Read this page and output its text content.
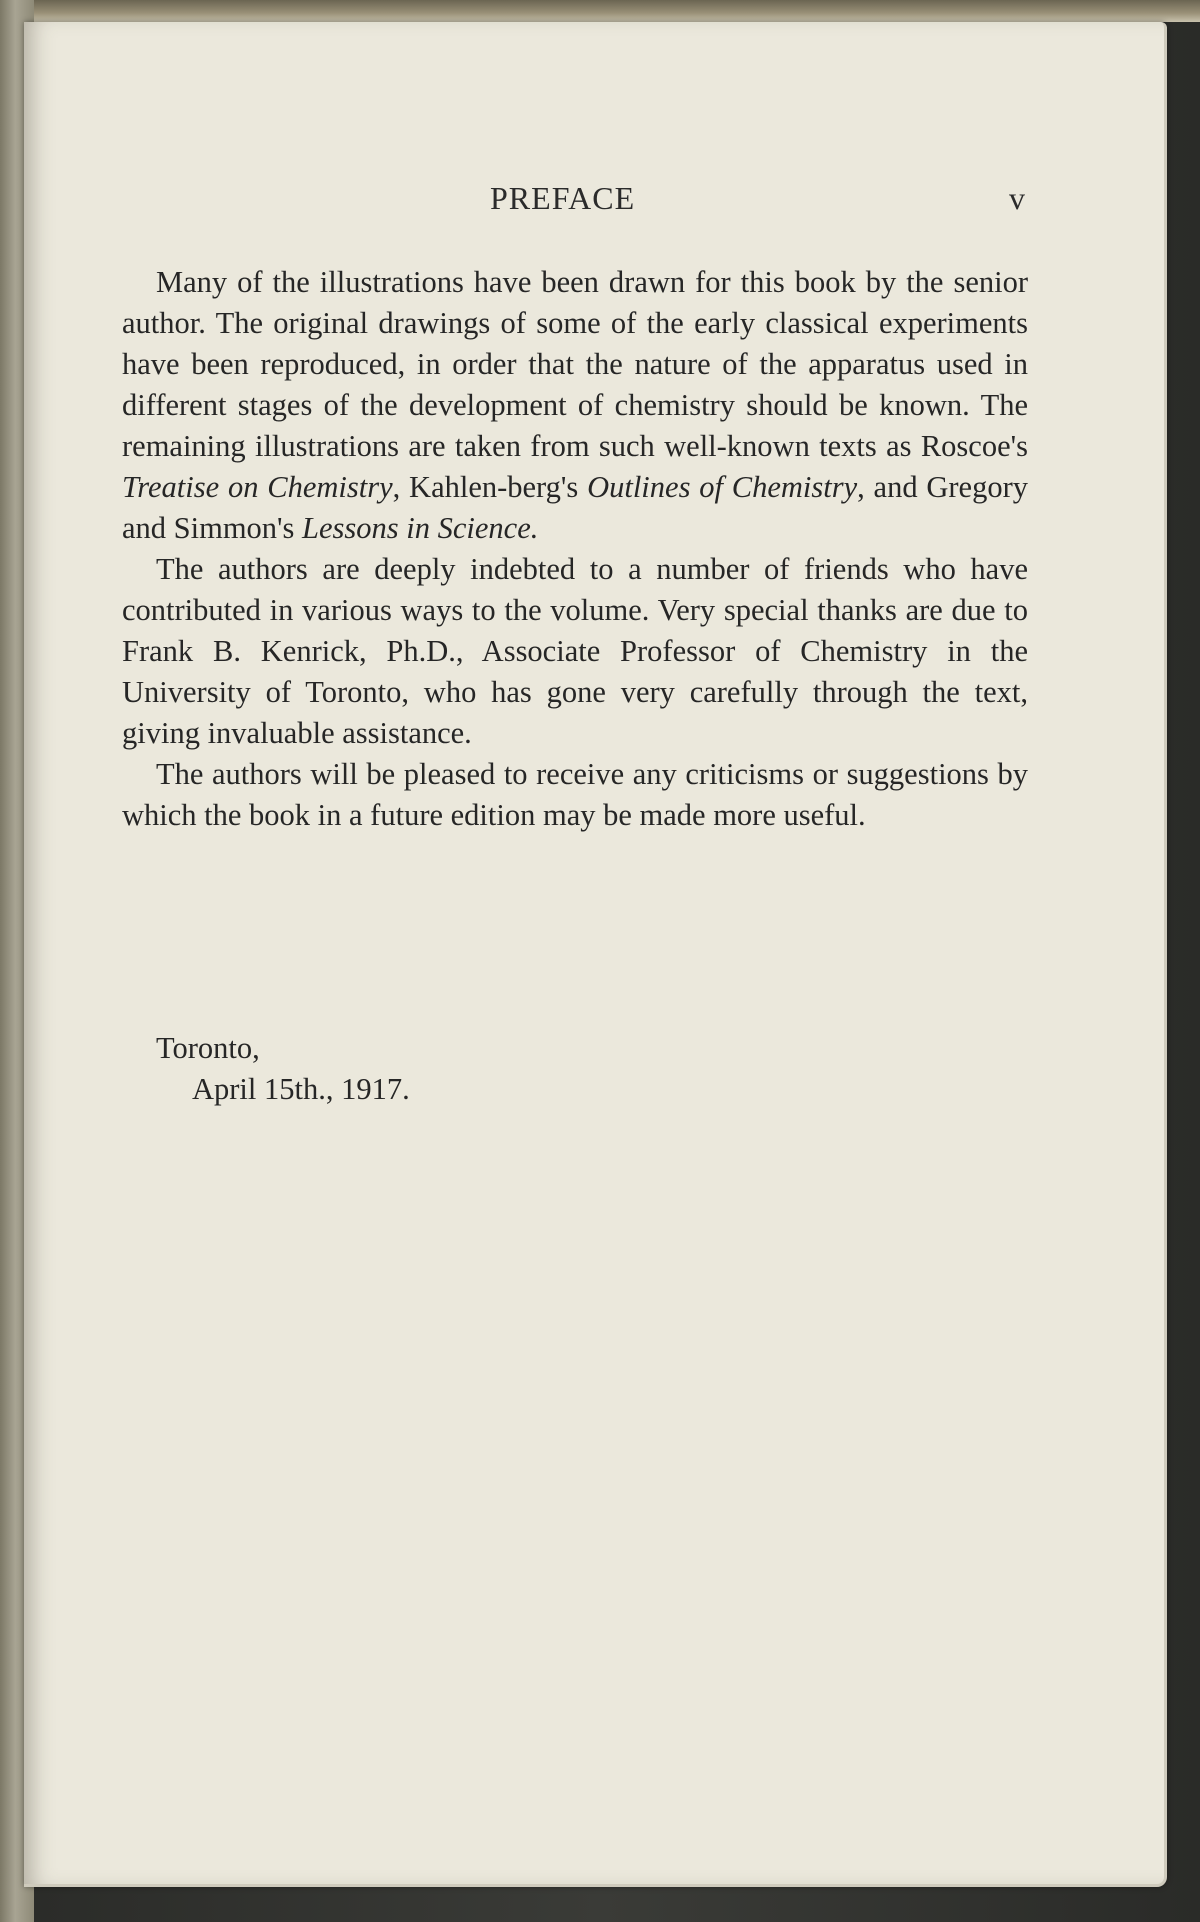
PREFACE	v

Many of the illustrations have been drawn for this book by the senior author. The original drawings of some of the early classical experiments have been reproduced, in order that the nature of the apparatus used in different stages of the development of chemistry should be known. The remaining illustrations are taken from such well-known texts as Roscoe's Treatise on Chemistry, Kahlen-berg's Outlines of Chemistry, and Gregory and Simmon's Lessons in Science.

The authors are deeply indebted to a number of friends who have contributed in various ways to the volume. Very special thanks are due to Frank B. Kenrick, Ph.D., Associate Professor of Chemistry in the University of Toronto, who has gone very carefully through the text, giving invaluable assistance.

The authors will be pleased to receive any criticisms or suggestions by which the book in a future edition may be made more useful.

Toronto,
April 15th., 1917.
